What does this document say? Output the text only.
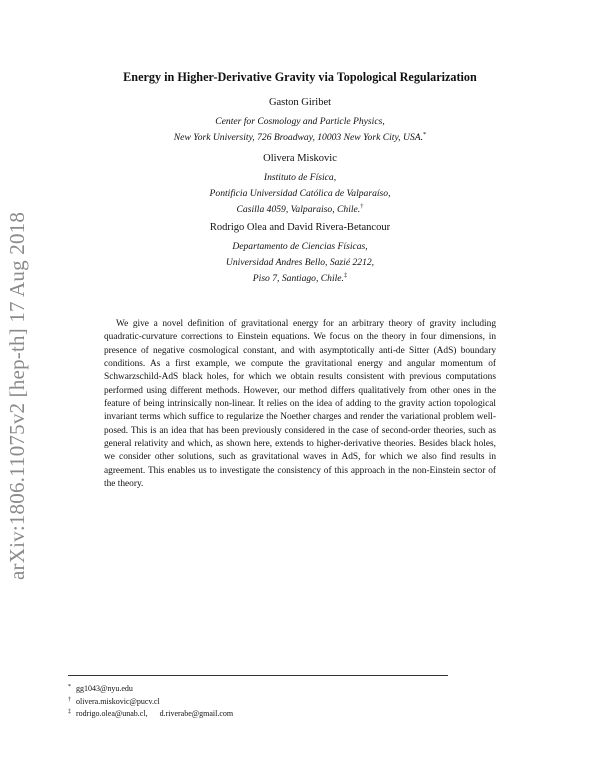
arXiv:1806.11075v2 [hep-th] 17 Aug 2018
Energy in Higher-Derivative Gravity via Topological Regularization
Gaston Giribet
Center for Cosmology and Particle Physics,
New York University, 726 Broadway, 10003 New York City, USA.*
Olivera Miskovic
Instituto de Física,
Pontificia Universidad Católica de Valparaíso,
Casilla 4059, Valparaiso, Chile.†
Rodrigo Olea and David Rivera-Betancour
Departamento de Ciencias Físicas,
Universidad Andres Bello, Sazié 2212,
Piso 7, Santiago, Chile.‡
We give a novel definition of gravitational energy for an arbitrary theory of gravity including quadratic-curvature corrections to Einstein equations. We focus on the theory in four dimensions, in presence of negative cosmological constant, and with asymptotically anti-de Sitter (AdS) boundary conditions. As a first example, we compute the gravitational energy and angular momentum of Schwarzschild-AdS black holes, for which we obtain results consistent with previous computations performed using different methods. However, our method differs qualitatively from other ones in the feature of being intrinsically non-linear. It relies on the idea of adding to the gravity action topological invariant terms which suffice to regularize the Noether charges and render the variational problem well-posed. This is an idea that has been previously considered in the case of second-order theories, such as general relativity and which, as shown here, extends to higher-derivative theories. Besides black holes, we consider other solutions, such as gravitational waves in AdS, for which we also find results in agreement. This enables us to investigate the consistency of this approach in the non-Einstein sector of the theory.
* gg1043@nyu.edu
† olivera.miskovic@pucv.cl
‡ rodrigo.olea@unab.cl, d.riverabe@gmail.com
